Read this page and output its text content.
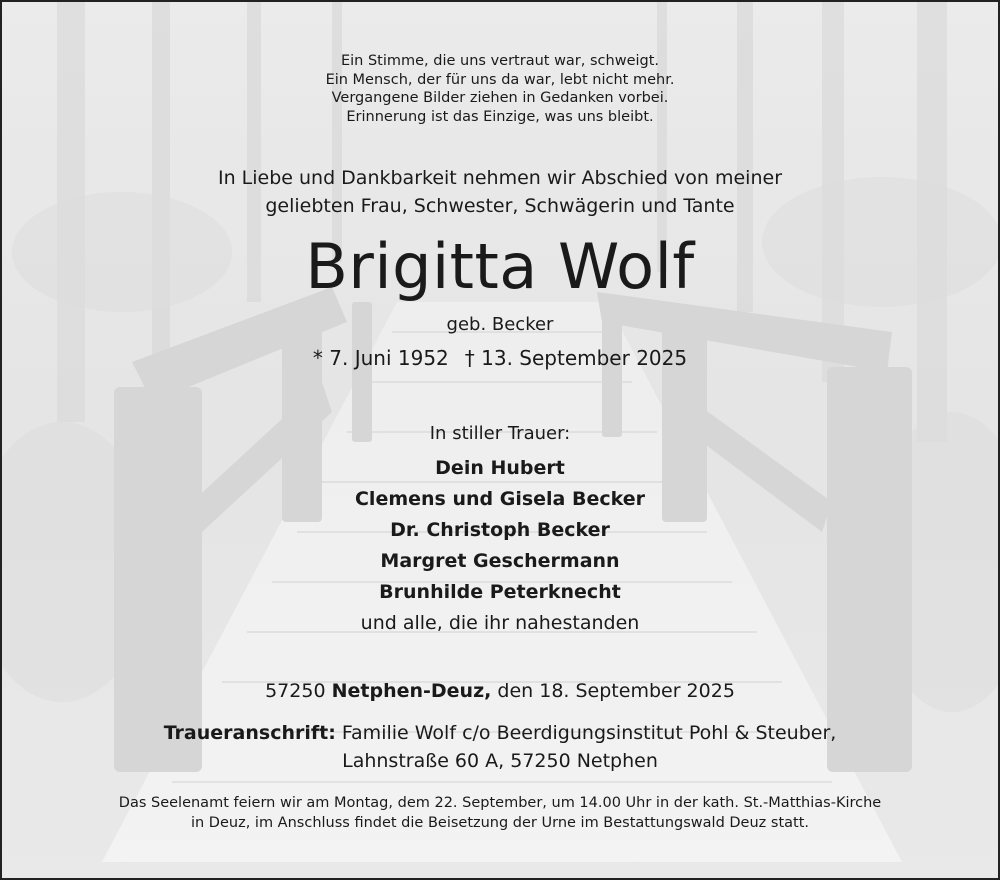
Ein Stimme, die uns vertraut war, schweigt.
Ein Mensch, der für uns da war, lebt nicht mehr.
Vergangene Bilder ziehen in Gedanken vorbei.
Erinnerung ist das Einzige, was uns bleibt.
In Liebe und Dankbarkeit nehmen wir Abschied von meiner
geliebten Frau, Schwester, Schwägerin und Tante
Brigitta Wolf
geb. Becker
* 7. Juni 1952 † 13. September 2025
In stiller Trauer:
Dein Hubert
Clemens und Gisela Becker
Dr. Christoph Becker
Margret Geschermann
Brunhilde Peterknecht
und alle, die ihr nahestanden
57250 Netphen-Deuz, den 18. September 2025
Traueranschrift: Familie Wolf c/o Beerdigungsinstitut Pohl & Steuber,
Lahnstraße 60 A, 57250 Netphen
Das Seelenamt feiern wir am Montag, dem 22. September, um 14.00 Uhr in der kath. St.-Matthias-Kirche
in Deuz, im Anschluss findet die Beisetzung der Urne im Bestattungswald Deuz statt.
